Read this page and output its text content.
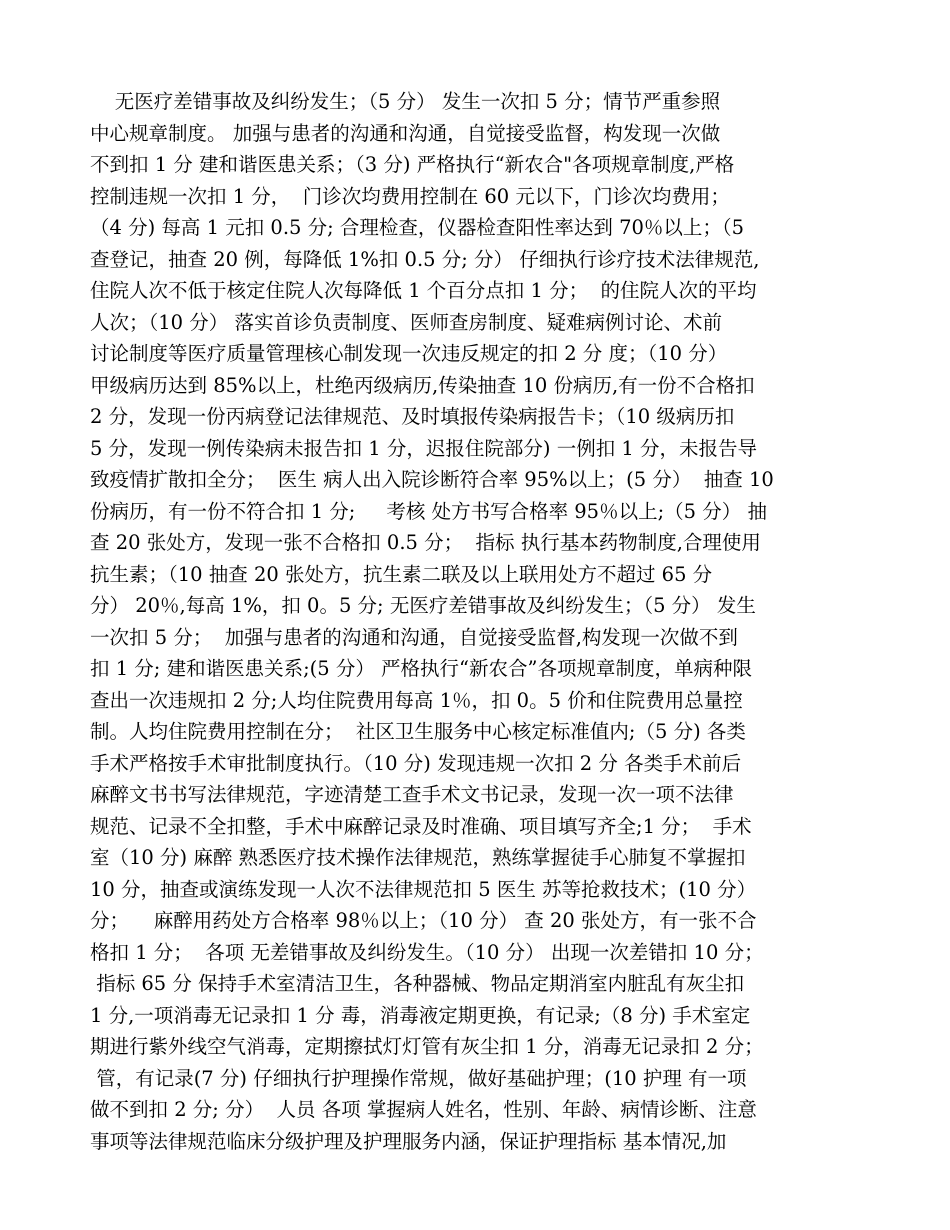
无医疗差错事故及纠纷发生；（5 分） 发生一次扣 5 分；情节严重参照
中心规章制度。 加强与患者的沟通和沟通，自觉接受监督，构发现一次做
不到扣 1 分 建和谐医患关系；（3 分) 严格执行“新农合"各项规章制度,严格
控制违规一次扣 1 分，  门诊次均费用控制在 60 元以下，门诊次均费用；
（4 分) 每高 1 元扣 0.5 分; 合理检查，仪器检查阳性率达到 70％以上；（5
查登记，抽查 20 例，每降低 1%扣 0.5 分; 分） 仔细执行诊疗技术法律规范,
住院人次不低于核定住院人次每降低 1 个百分点扣 1 分；  的住院人次的平均
人次；（10 分） 落实首诊负责制度、医师查房制度、疑难病例讨论、术前
讨论制度等医疗质量管理核心制发现一次违反规定的扣 2 分 度；（10 分）
甲级病历达到 85%以上，杜绝丙级病历,传染抽查 10 份病历,有一份不合格扣
2 分，发现一份丙病登记法律规范、及时填报传染病报告卡；（10 级病历扣
5 分，发现一例传染病未报告扣 1 分，迟报住院部分) 一例扣 1 分，未报告导
致疫情扩散扣全分；  医生 病人出入院诊断符合率 95%以上；(5 分）  抽查 10
份病历，有一份不符合扣 1 分;     考核 处方书写合格率 95％以上;（5 分） 抽
查 20 张处方，发现一张不合格扣 0.5 分；  指标 执行基本药物制度,合理使用
抗生素；（10 抽查 20 张处方，抗生素二联及以上联用处方不超过 65 分
分） 20％,每高 1%，扣 0。5 分; 无医疗差错事故及纠纷发生；（5 分） 发生
一次扣 5 分；  加强与患者的沟通和沟通，自觉接受监督,构发现一次做不到
扣 1 分; 建和谐医患关系;(5 分） 严格执行“新农合”各项规章制度，单病种限
查出一次违规扣 2 分;人均住院费用每高 1％，扣 0。5 价和住院费用总量控
制。人均住院费用控制在分；  社区卫生服务中心核定标准值内;（5 分) 各类
手术严格按手术审批制度执行。（10 分) 发现违规一次扣 2 分 各类手术前后
麻醉文书书写法律规范，字迹清楚工查手术文书记录，发现一次一项不法律
规范、记录不全扣整，手术中麻醉记录及时准确、项目填写齐全;1 分；  手术
室（10 分) 麻醉 熟悉医疗技术操作法律规范，熟练掌握徒手心肺复不掌握扣
10 分，抽查或演练发现一人次不法律规范扣 5 医生 苏等抢救技术；(10 分）
分；    麻醉用药处方合格率 98％以上；（10 分） 查 20 张处方，有一张不合
格扣 1 分；  各项 无差错事故及纠纷发生。（10 分） 出现一次差错扣 10 分；
指标 65 分 保持手术室清洁卫生，各种器械、物品定期消室内脏乱有灰尘扣
1 分,一项消毒无记录扣 1 分 毒，消毒液定期更换，有记录;（8 分) 手术室定
期进行紫外线空气消毒，定期擦拭灯灯管有灰尘扣 1 分，消毒无记录扣 2 分；
管，有记录(7 分) 仔细执行护理操作常规，做好基础护理；(10 护理 有一项
做不到扣 2 分; 分）  人员 各项 掌握病人姓名，性别、年龄、病情诊断、注意
事项等法律规范临床分级护理及护理服务内涵，保证护理指标 基本情况,加
